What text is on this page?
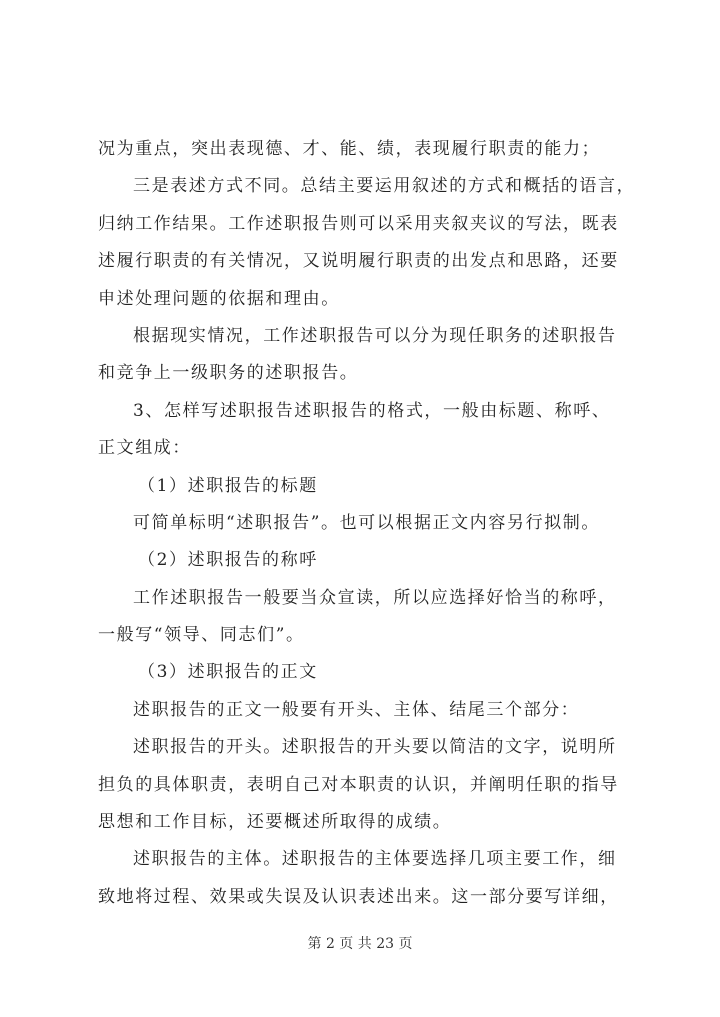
况为重点，突出表现德、才、能、绩，表现履行职责的能力；
三是表述方式不同。总结主要运用叙述的方式和概括的语言，
归纳工作结果。工作述职报告则可以采用夹叙夹议的写法，既表
述履行职责的有关情况，又说明履行职责的出发点和思路，还要
申述处理问题的依据和理由。
根据现实情况，工作述职报告可以分为现任职务的述职报告
和竞争上一级职务的述职报告。
3、怎样写述职报告述职报告的格式，一般由标题、称呼、
正文组成：
（1）述职报告的标题
可简单标明“述职报告”。也可以根据正文内容另行拟制。
（2）述职报告的称呼
工作述职报告一般要当众宣读，所以应选择好恰当的称呼，
一般写“领导、同志们”。
（3）述职报告的正文
述职报告的正文一般要有开头、主体、结尾三个部分：
述职报告的开头。述职报告的开头要以简洁的文字，说明所
担负的具体职责，表明自己对本职责的认识，并阐明任职的指导
思想和工作目标，还要概述所取得的成绩。
述职报告的主体。述职报告的主体要选择几项主要工作，细
致地将过程、效果或失误及认识表述出来。这一部分要写详细，
第 2 页 共 23 页
